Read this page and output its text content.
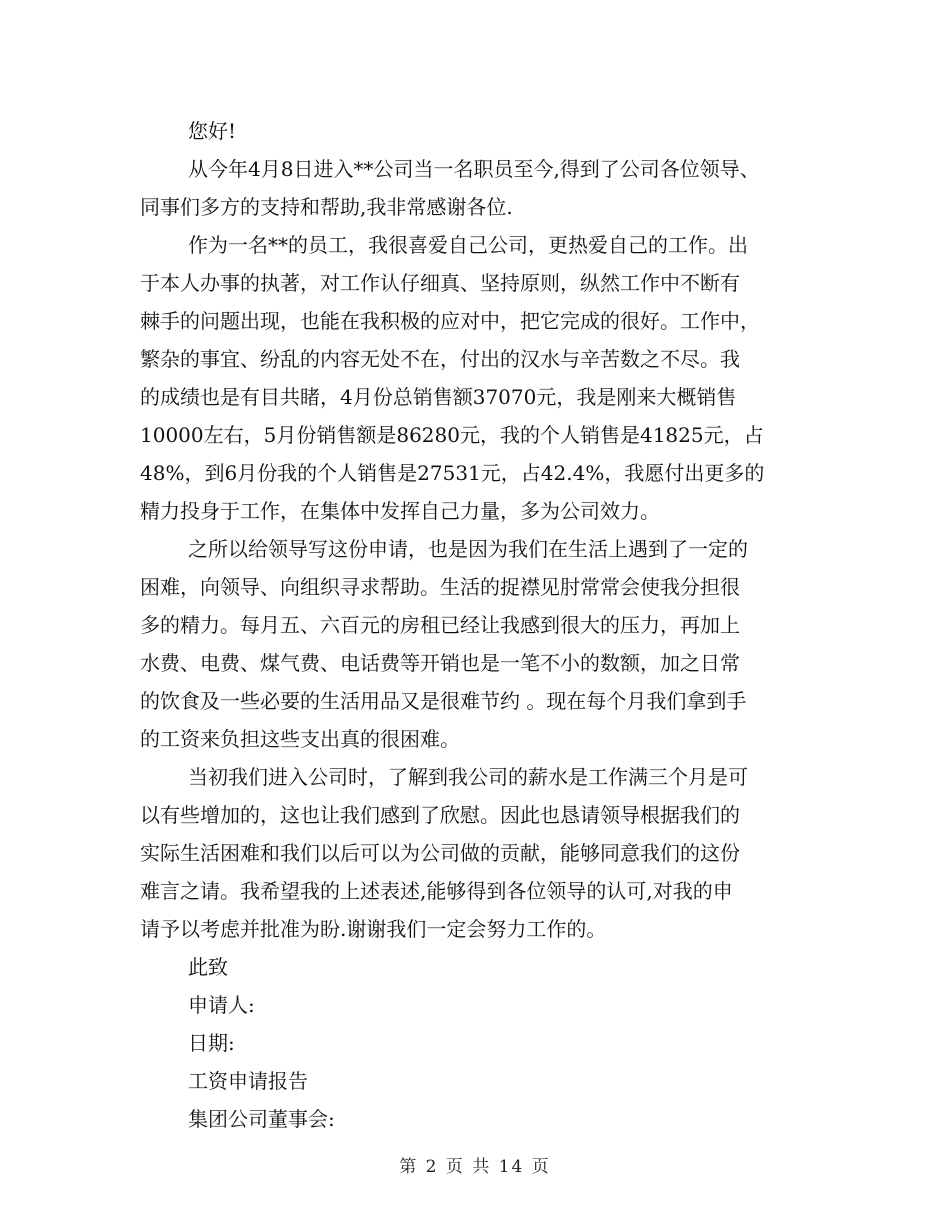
您好!
从今年4月8日进入**公司当一名职员至今,得到了公司各位领导、
同事们多方的支持和帮助,我非常感谢各位.
作为一名**的员工，我很喜爱自己公司，更热爱自己的工作。出
于本人办事的执著，对工作认仔细真、坚持原则，纵然工作中不断有
棘手的问题出现，也能在我积极的应对中，把它完成的很好。工作中，
繁杂的事宜、纷乱的内容无处不在，付出的汉水与辛苦数之不尽。我
的成绩也是有目共睹，4月份总销售额37070元，我是刚来大概销售
10000左右，5月份销售额是86280元，我的个人销售是41825元，占
48%，到6月份我的个人销售是27531元，占42.4%，我愿付出更多的
精力投身于工作，在集体中发挥自己力量，多为公司效力。
之所以给领导写这份申请，也是因为我们在生活上遇到了一定的
困难，向领导、向组织寻求帮助。生活的捉襟见肘常常会使我分担很
多的精力。每月五、六百元的房租已经让我感到很大的压力，再加上
水费、电费、煤气费、电话费等开销也是一笔不小的数额，加之日常
的饮食及一些必要的生活用品又是很难节约 。现在每个月我们拿到手
的工资来负担这些支出真的很困难。
当初我们进入公司时，了解到我公司的薪水是工作满三个月是可
以有些增加的，这也让我们感到了欣慰。因此也恳请领导根据我们的
实际生活困难和我们以后可以为公司做的贡献，能够同意我们的这份
难言之请。我希望我的上述表述,能够得到各位领导的认可,对我的申
请予以考虑并批准为盼.谢谢我们一定会努力工作的。
此致
申请人:
日期:
工资申请报告
集团公司董事会:
第 2 页 共 14 页
